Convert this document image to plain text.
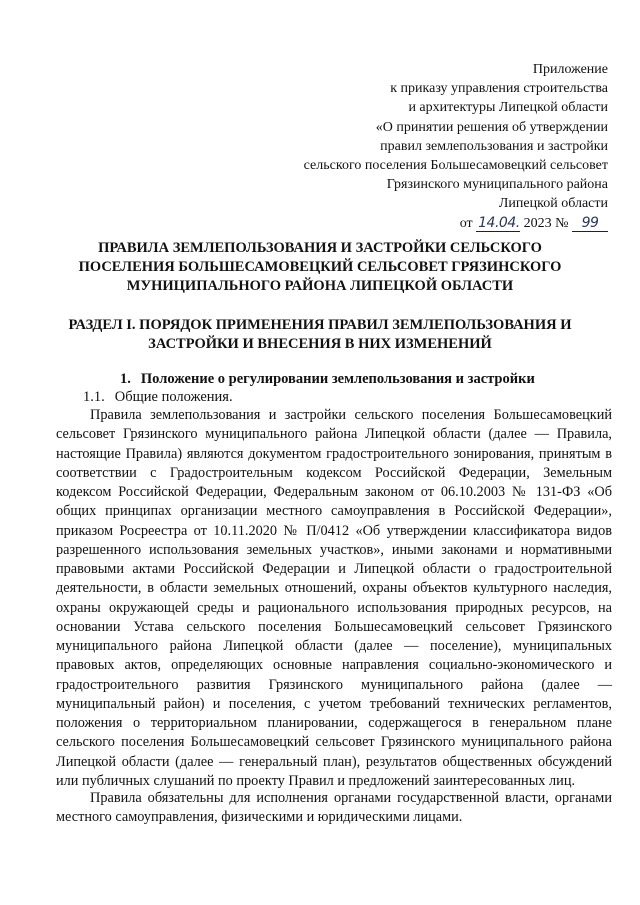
Приложение
к приказу управления строительства
и архитектуры Липецкой области
«О принятии решения об утверждении
правил землепользования и застройки
сельского поселения Большесамовецкий сельсовет
Грязинского муниципального района
Липецкой области
от 14.04. 2023 № 99
ПРАВИЛА ЗЕМЛЕПОЛЬЗОВАНИЯ И ЗАСТРОЙКИ СЕЛЬСКОГО ПОСЕЛЕНИЯ БОЛЬШЕСАМОВЕЦКИЙ СЕЛЬСОВЕТ ГРЯЗИНСКОГО МУНИЦИПАЛЬНОГО РАЙОНА ЛИПЕЦКОЙ ОБЛАСТИ
РАЗДЕЛ I. ПОРЯДОК ПРИМЕНЕНИЯ ПРАВИЛ ЗЕМЛЕПОЛЬЗОВАНИЯ И ЗАСТРОЙКИ И ВНЕСЕНИЯ В НИХ ИЗМЕНЕНИЙ
1. Положение о регулировании землепользования и застройки
1.1. Общие положения.

Правила землепользования и застройки сельского поселения Большесамовецкий сельсовет Грязинского муниципального района Липецкой области (далее — Правила, настоящие Правила) являются документом градостроительного зонирования, принятым в соответствии с Градостроительным кодексом Российской Федерации, Земельным кодексом Российской Федерации, Федеральным законом от 06.10.2003 № 131-ФЗ «Об общих принципах организации местного самоуправления в Российской Федерации», приказом Росреестра от 10.11.2020 № П/0412 «Об утверждении классификатора видов разрешенного использования земельных участков», иными законами и нормативными правовыми актами Российской Федерации и Липецкой области о градостроительной деятельности, в области земельных отношений, охраны объектов культурного наследия, охраны окружающей среды и рационального использования природных ресурсов, на основании Устава сельского поселения Большесамовецкий сельсовет Грязинского муниципального района Липецкой области (далее — поселение), муниципальных правовых актов, определяющих основные направления социально-экономического и градостроительного развития Грязинского муниципального района (далее — муниципальный район) и поселения, с учетом требований технических регламентов, положения о территориальном планировании, содержащегося в генеральном плане сельского поселения Большесамовецкий сельсовет Грязинского муниципального района Липецкой области (далее — генеральный план), результатов общественных обсуждений или публичных слушаний по проекту Правил и предложений заинтересованных лиц.

Правила обязательны для исполнения органами государственной власти, органами местного самоуправления, физическими и юридическими лицами.
